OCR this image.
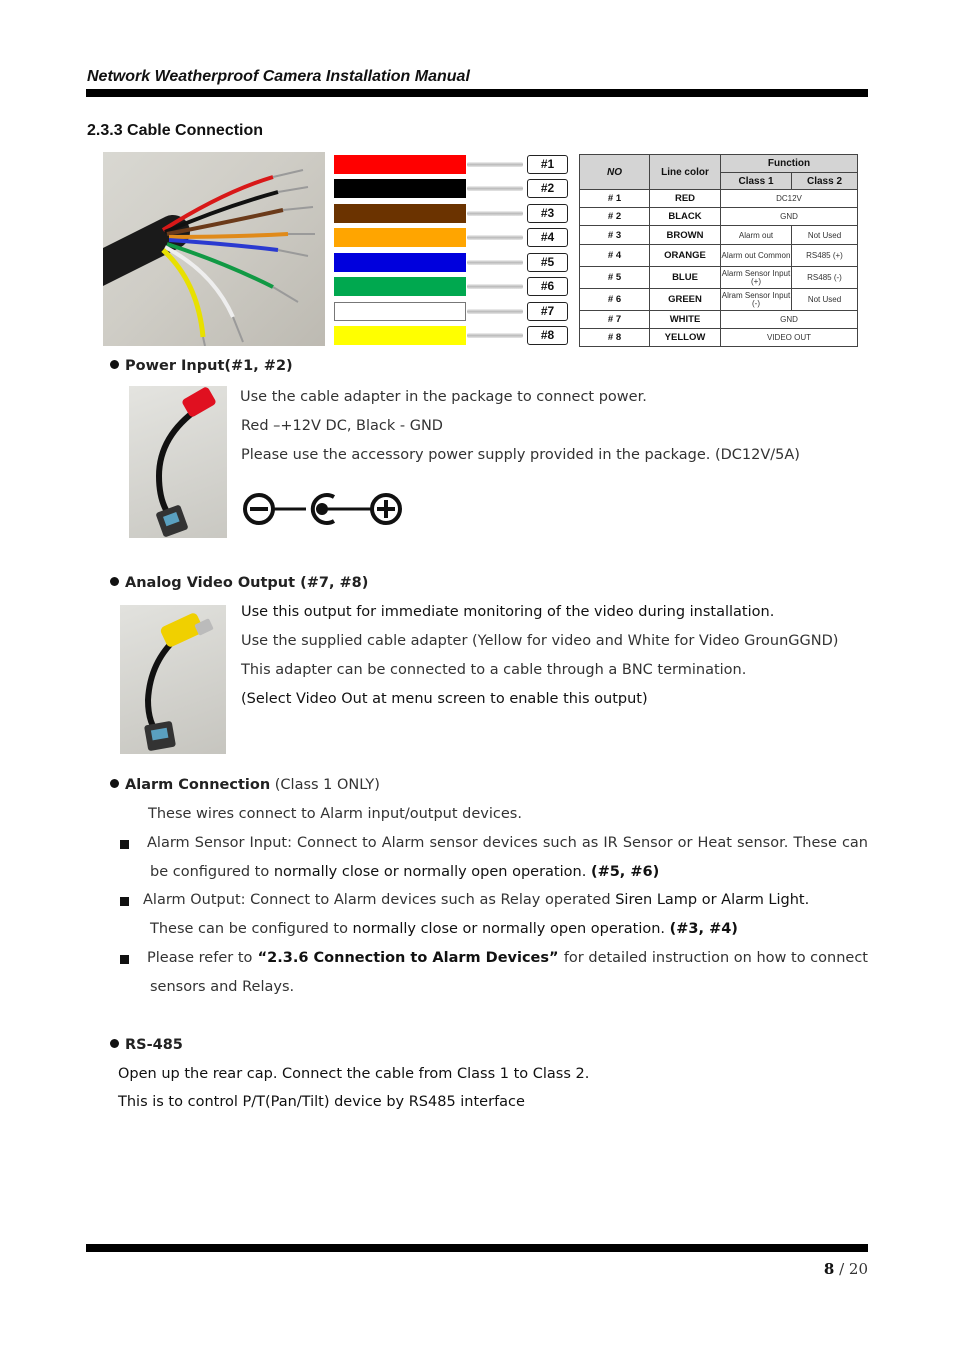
Network Weatherproof Camera Installation Manual
2.3.3 Cable Connection
#1
#2
#3
#4
#5
#6
#7
#8
NO	Line color	Function	
		Class 1	Class 2
# 1	RED	DC12V	
# 2	BLACK	GND	
# 3	BROWN	Alarm out	Not Used
# 4	ORANGE	Alarm out Common	RS485 (+)
# 5	BLUE	Alarm Sensor Input (+)	RS485 (-)
# 6	GREEN	Alram Sensor Input (-)	Not Used
# 7	WHITE	GND	
# 8	YELLOW	VIDEO OUT	
Power Input(#1, #2)
Use the cable adapter in the package to connect power.
Red –+12V DC, Black - GND
Please use the accessory power supply provided in the package. (DC12V/5A)
Analog Video Output (#7, #8)
Use this output for immediate monitoring of the video during installation.
Use the supplied cable adapter (Yellow for video and White for Video GrounGGND)
This adapter can be connected to a cable through a BNC termination.
(Select Video Out at menu screen to enable this output)
Alarm Connection (Class 1 ONLY)
These wires connect to Alarm input/output devices.
Alarm Sensor Input: Connect to Alarm sensor devices such as IR Sensor or Heat sensor. These can
be configured to normally close or normally open operation. (#5, #6)
Alarm Output: Connect to Alarm devices such as Relay operated Siren Lamp or Alarm Light.
These can be configured to normally close or normally open operation. (#3, #4)
Please refer to “2.3.6 Connection to Alarm Devices” for detailed instruction on how to connect
sensors and Relays.
RS-485
Open up the rear cap. Connect the cable from Class 1 to Class 2.
This is to control P/T(Pan/Tilt) device by RS485 interface
8 / 20
